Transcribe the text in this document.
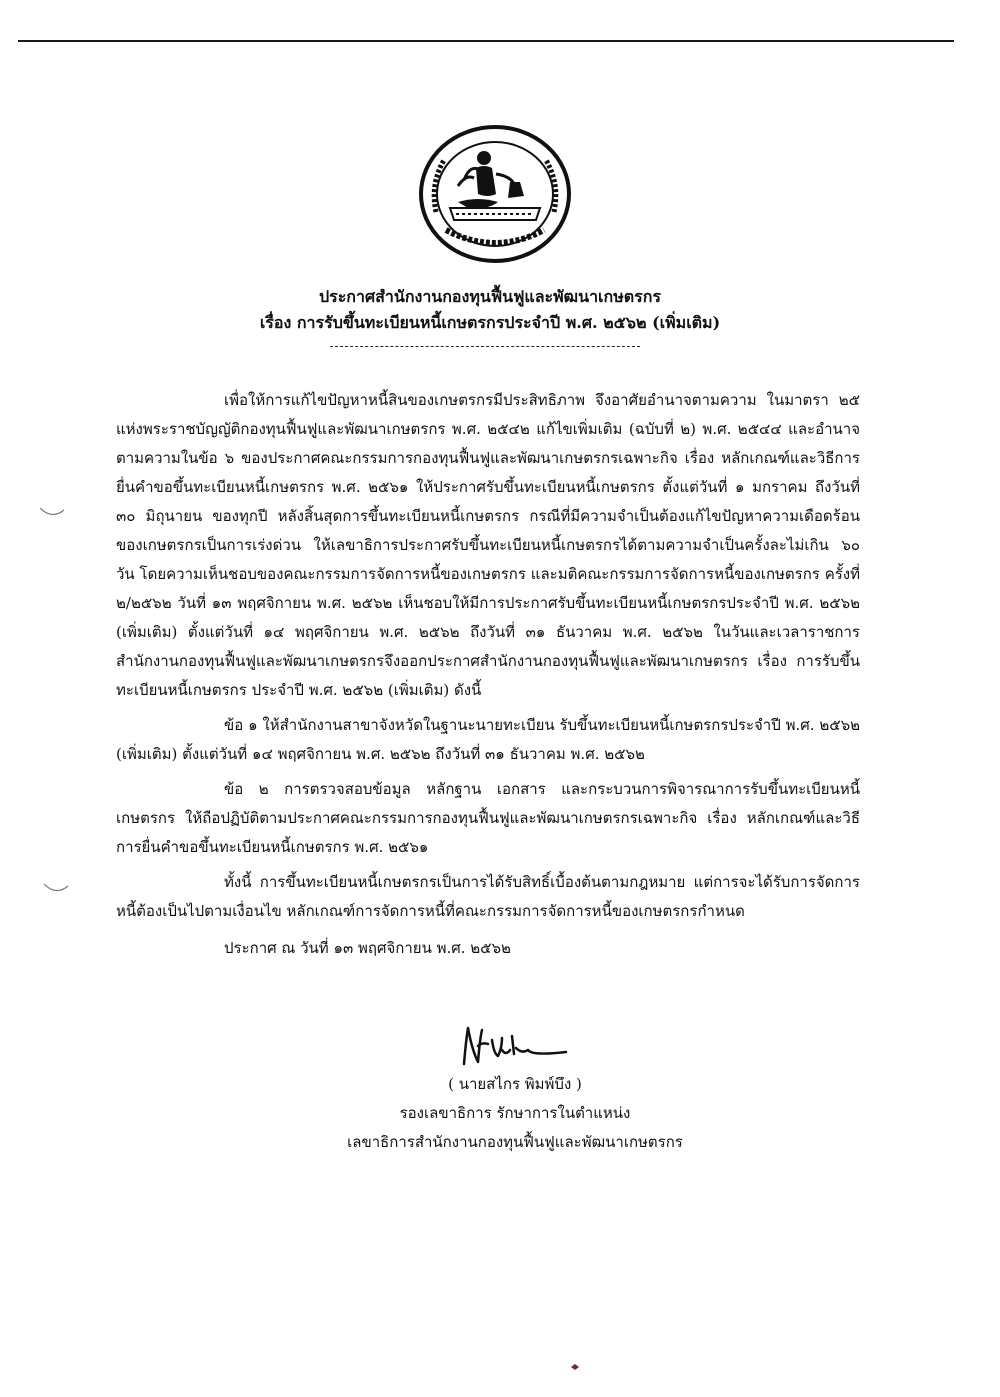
ประกาศสำนักงานกองทุนฟื้นฟูและพัฒนาเกษตรกร
เรื่อง การรับขึ้นทะเบียนหนี้เกษตรกรประจำปี พ.ศ. ๒๕๖๒ (เพิ่มเติม)

เพื่อให้การแก้ไขปัญหาหนี้สินของเกษตรกรมีประสิทธิภาพ จึงอาศัยอำนาจตามความ ในมาตรา ๒๕ แห่งพระราชบัญญัติกองทุนฟื้นฟูและพัฒนาเกษตรกร พ.ศ. ๒๕๔๒ แก้ไขเพิ่มเติม (ฉบับที่ ๒) พ.ศ. ๒๕๔๔ และอำนาจตามความในข้อ ๖ ของประกาศคณะกรรมการกองทุนฟื้นฟูและพัฒนาเกษตรกรเฉพาะกิจ เรื่อง หลักเกณฑ์และวิธีการยื่นคำขอขึ้นทะเบียนหนี้เกษตรกร พ.ศ. ๒๕๖๑ ให้ประกาศรับขึ้นทะเบียนหนี้เกษตรกร ตั้งแต่วันที่ ๑ มกราคม ถึงวันที่ ๓๐ มิถุนายน ของทุกปี หลังสิ้นสุดการขึ้นทะเบียนหนี้เกษตรกร กรณีที่มีความจำเป็นต้องแก้ไขปัญหาความเดือดร้อนของเกษตรกรเป็นการเร่งด่วน ให้เลขาธิการประกาศรับขึ้นทะเบียนหนี้เกษตรกรได้ตามความจำเป็นครั้งละไม่เกิน ๖๐ วัน โดยความเห็นชอบของคณะกรรมการจัดการหนี้ของเกษตรกร และมติคณะกรรมการจัดการหนี้ของเกษตรกร ครั้งที่ ๒/๒๕๖๒ วันที่ ๑๓ พฤศจิกายน พ.ศ. ๒๕๖๒ เห็นชอบให้มีการประกาศรับขึ้นทะเบียนหนี้เกษตรกรประจำปี พ.ศ. ๒๕๖๒ (เพิ่มเติม) ตั้งแต่วันที่ ๑๔ พฤศจิกายน พ.ศ. ๒๕๖๒ ถึงวันที่ ๓๑ ธันวาคม พ.ศ. ๒๕๖๒ ในวันและเวลาราชการ สำนักงานกองทุนฟื้นฟูและพัฒนาเกษตรกรจึงออกประกาศสำนักงานกองทุนฟื้นฟูและพัฒนาเกษตรกร เรื่อง การรับขึ้นทะเบียนหนี้เกษตรกร ประจำปี พ.ศ. ๒๕๖๒ (เพิ่มเติม) ดังนี้

ข้อ ๑ ให้สำนักงานสาขาจังหวัดในฐานะนายทะเบียน รับขึ้นทะเบียนหนี้เกษตรกรประจำปี พ.ศ. ๒๕๖๒ (เพิ่มเติม) ตั้งแต่วันที่ ๑๔ พฤศจิกายน พ.ศ. ๒๕๖๒ ถึงวันที่ ๓๑ ธันวาคม พ.ศ. ๒๕๖๒

ข้อ ๒ การตรวจสอบข้อมูล หลักฐาน เอกสาร และกระบวนการพิจารณาการรับขึ้นทะเบียนหนี้เกษตรกร ให้ถือปฏิบัติตามประกาศคณะกรรมการกองทุนฟื้นฟูและพัฒนาเกษตรกรเฉพาะกิจ เรื่อง หลักเกณฑ์และวิธีการยื่นคำขอขึ้นทะเบียนหนี้เกษตรกร พ.ศ. ๒๕๖๑

ทั้งนี้ การขึ้นทะเบียนหนี้เกษตรกรเป็นการได้รับสิทธิ์เบื้องต้นตามกฎหมาย แต่การจะได้รับการจัดการหนี้ต้องเป็นไปตามเงื่อนไข หลักเกณฑ์การจัดการหนี้ที่คณะกรรมการจัดการหนี้ของเกษตรกรกำหนด

ประกาศ ณ วันที่ ๑๓ พฤศจิกายน พ.ศ. ๒๕๖๒

( นายสไกร พิมพ์บึง )
รองเลขาธิการ รักษาการในตำแหน่ง
เลขาธิการสำนักงานกองทุนฟื้นฟูและพัฒนาเกษตรกร
